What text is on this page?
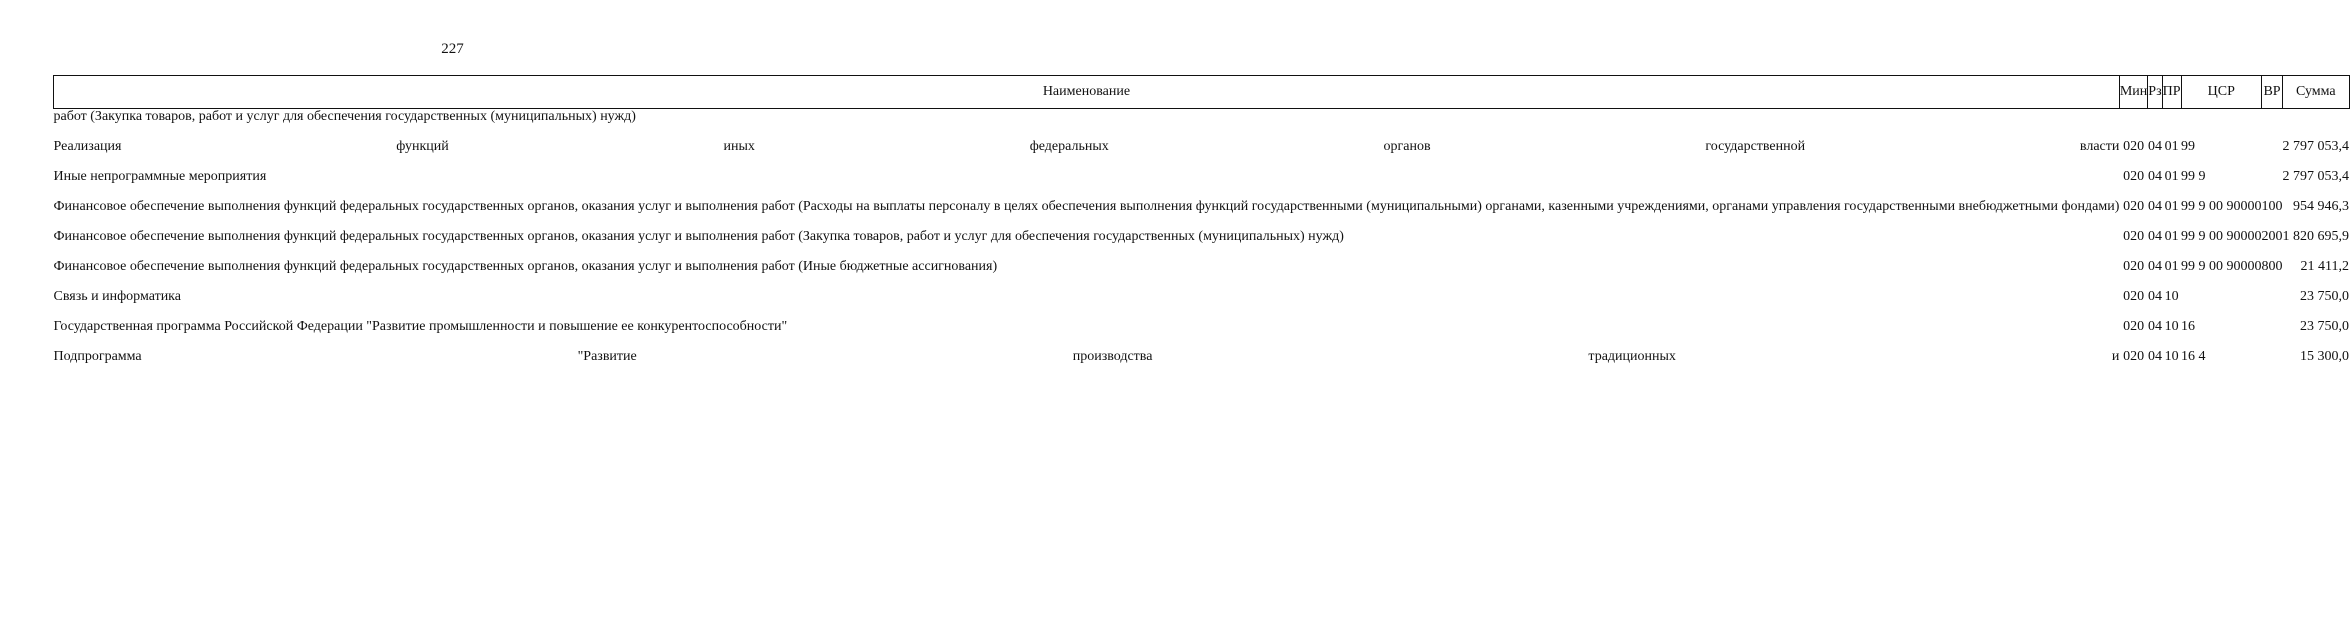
227
Наименование	Мин	Рз	ПР	ЦСР	ВР	Сумма
работ (Закупка товаров, работ и услуг для обеспечения государственных (муниципальных) нужд)						

Реализация функций иных федеральных органов государственной власти	020	04	01	99		2 797 053,4

Иные непрограммные мероприятия	020	04	01	99 9		2 797 053,4

Финансовое обеспечение выполнения функций федеральных государственных органов, оказания услуг и выполнения работ (Расходы на выплаты персоналу в целях обеспечения выполнения функций государственными (муниципальными) органами, казенными учреждениями, органами управления государственными внебюджетными фондами)	020	04	01	99 9 00 90000	100	954 946,3

Финансовое обеспечение выполнения функций федеральных государственных органов, оказания услуг и выполнения работ (Закупка товаров, работ и услуг для обеспечения государственных (муниципальных) нужд)	020	04	01	99 9 00 90000	200	1 820 695,9

Финансовое обеспечение выполнения функций федеральных государственных органов, оказания услуг и выполнения работ (Иные бюджетные ассигнования)	020	04	01	99 9 00 90000	800	21 411,2

Связь и информатика	020	04	10			23 750,0

Государственная программа Российской Федерации "Развитие промышленности и повышение ее конкурентоспособности"	020	04	10	16		23 750,0

Подпрограмма "Развитие производства традиционных и	020	04	10	16 4		15 300,0
